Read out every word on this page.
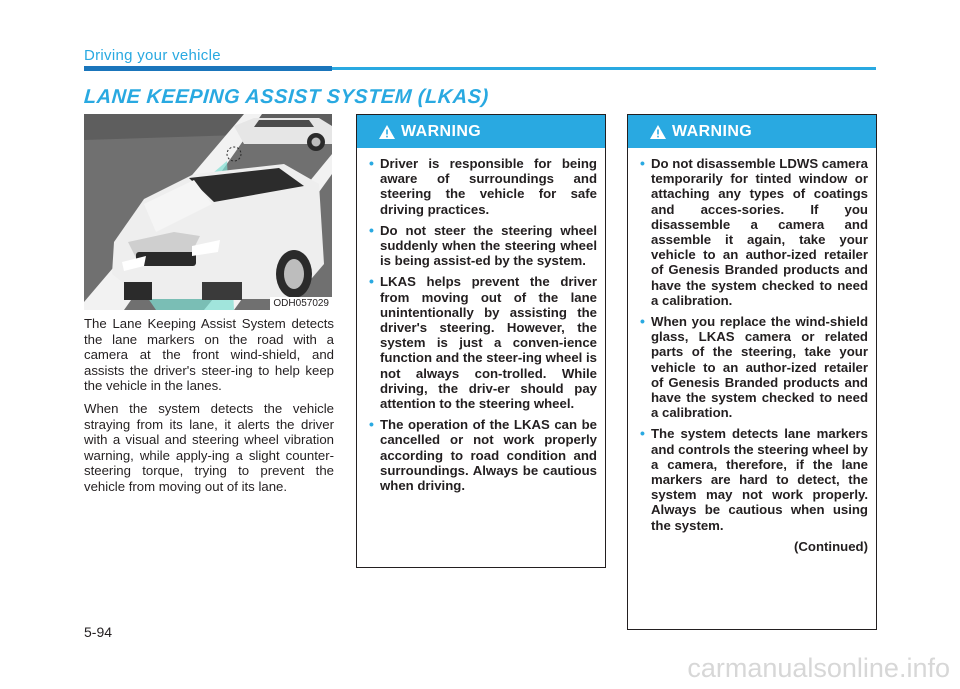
Driving your vehicle
LANE KEEPING ASSIST SYSTEM (LKAS)
ODH057029

The Lane Keeping Assist System detects the lane markers on the road with a camera at the front wind-shield, and assists the driver's steer-ing to help keep the vehicle in the lanes.

When the system detects the vehicle straying from its lane, it alerts the driver with a visual and steering wheel vibration warning, while apply-ing a slight counter-steering torque, trying to prevent the vehicle from moving out of its lane.

WARNING
• Driver is responsible for being aware of surroundings and steering the vehicle for safe driving practices.
• Do not steer the steering wheel suddenly when the steering wheel is being assist-ed by the system.
• LKAS helps prevent the driver from moving out of the lane unintentionally by assisting the driver's steering. However, the system is just a conven-ience function and the steer-ing wheel is not always con-trolled. While driving, the driv-er should pay attention to the steering wheel.
• The operation of the LKAS can be cancelled or not work properly according to road condition and surroundings. Always be cautious when driving.
WARNING
• Do not disassemble LDWS camera temporarily for tinted window or attaching any types of coatings and acces-sories. If you disassemble a camera and assemble it again, take your vehicle to an author-ized retailer of Genesis Branded products and have the system checked to need a calibration.
• When you replace the wind-shield glass, LKAS camera or related parts of the steering, take your vehicle to an author-ized retailer of Genesis Branded products and have the system checked to need a calibration.
• The system detects lane markers and controls the steering wheel by a camera, therefore, if the lane markers are hard to detect, the system may not work properly. Always be cautious when using the system.
(Continued)
5-94
carmanualsonline.info
